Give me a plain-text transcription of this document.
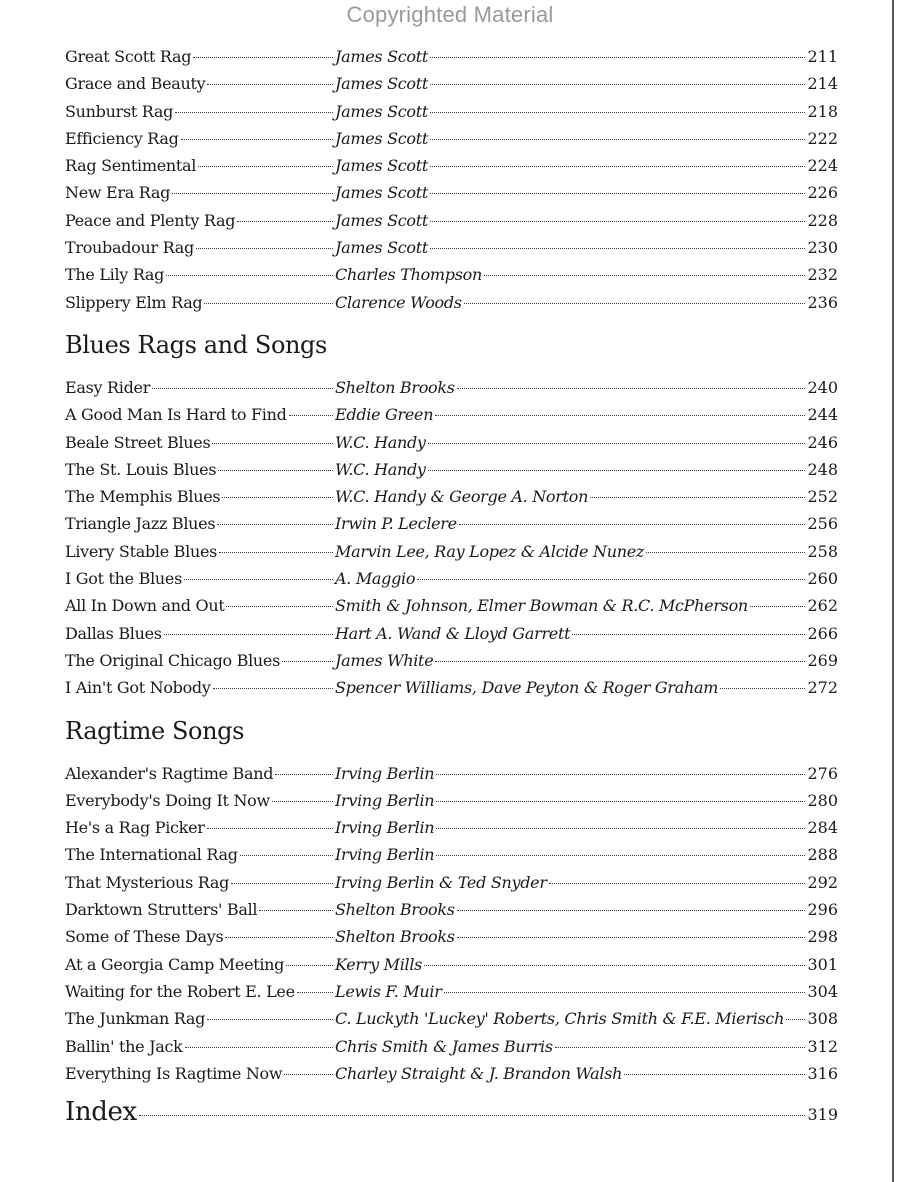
Copyrighted Material
Great Scott Rag	James Scott	211
Grace and Beauty	James Scott	214
Sunburst Rag	James Scott	218
Efficiency Rag	James Scott	222
Rag Sentimental	James Scott	224
New Era Rag	James Scott	226
Peace and Plenty Rag	James Scott	228
Troubadour Rag	James Scott	230
The Lily Rag	Charles Thompson	232
Slippery Elm Rag	Clarence Woods	236
Blues Rags and Songs
Easy Rider	Shelton Brooks	240
A Good Man Is Hard to Find	Eddie Green	244
Beale Street Blues	W.C. Handy	246
The St. Louis Blues	W.C. Handy	248
The Memphis Blues	W.C. Handy & George A. Norton	252
Triangle Jazz Blues	Irwin P. Leclere	256
Livery Stable Blues	Marvin Lee, Ray Lopez & Alcide Nunez	258
I Got the Blues	A. Maggio	260
All In Down and Out	Smith & Johnson, Elmer Bowman & R.C. McPherson	262
Dallas Blues	Hart A. Wand & Lloyd Garrett	266
The Original Chicago Blues	James White	269
I Ain't Got Nobody	Spencer Williams, Dave Peyton & Roger Graham	272
Ragtime Songs
Alexander's Ragtime Band	Irving Berlin	276
Everybody's Doing It Now	Irving Berlin	280
He's a Rag Picker	Irving Berlin	284
The International Rag	Irving Berlin	288
That Mysterious Rag	Irving Berlin & Ted Snyder	292
Darktown Strutters' Ball	Shelton Brooks	296
Some of These Days	Shelton Brooks	298
At a Georgia Camp Meeting	Kerry Mills	301
Waiting for the Robert E. Lee	Lewis F. Muir	304
The Junkman Rag	C. Luckyth 'Luckey' Roberts, Chris Smith & F.E. Mierisch 308
Ballin' the Jack	Chris Smith & James Burris	312
Everything Is Ragtime Now	Charley Straight & J. Brandon Walsh	316
Index	319
